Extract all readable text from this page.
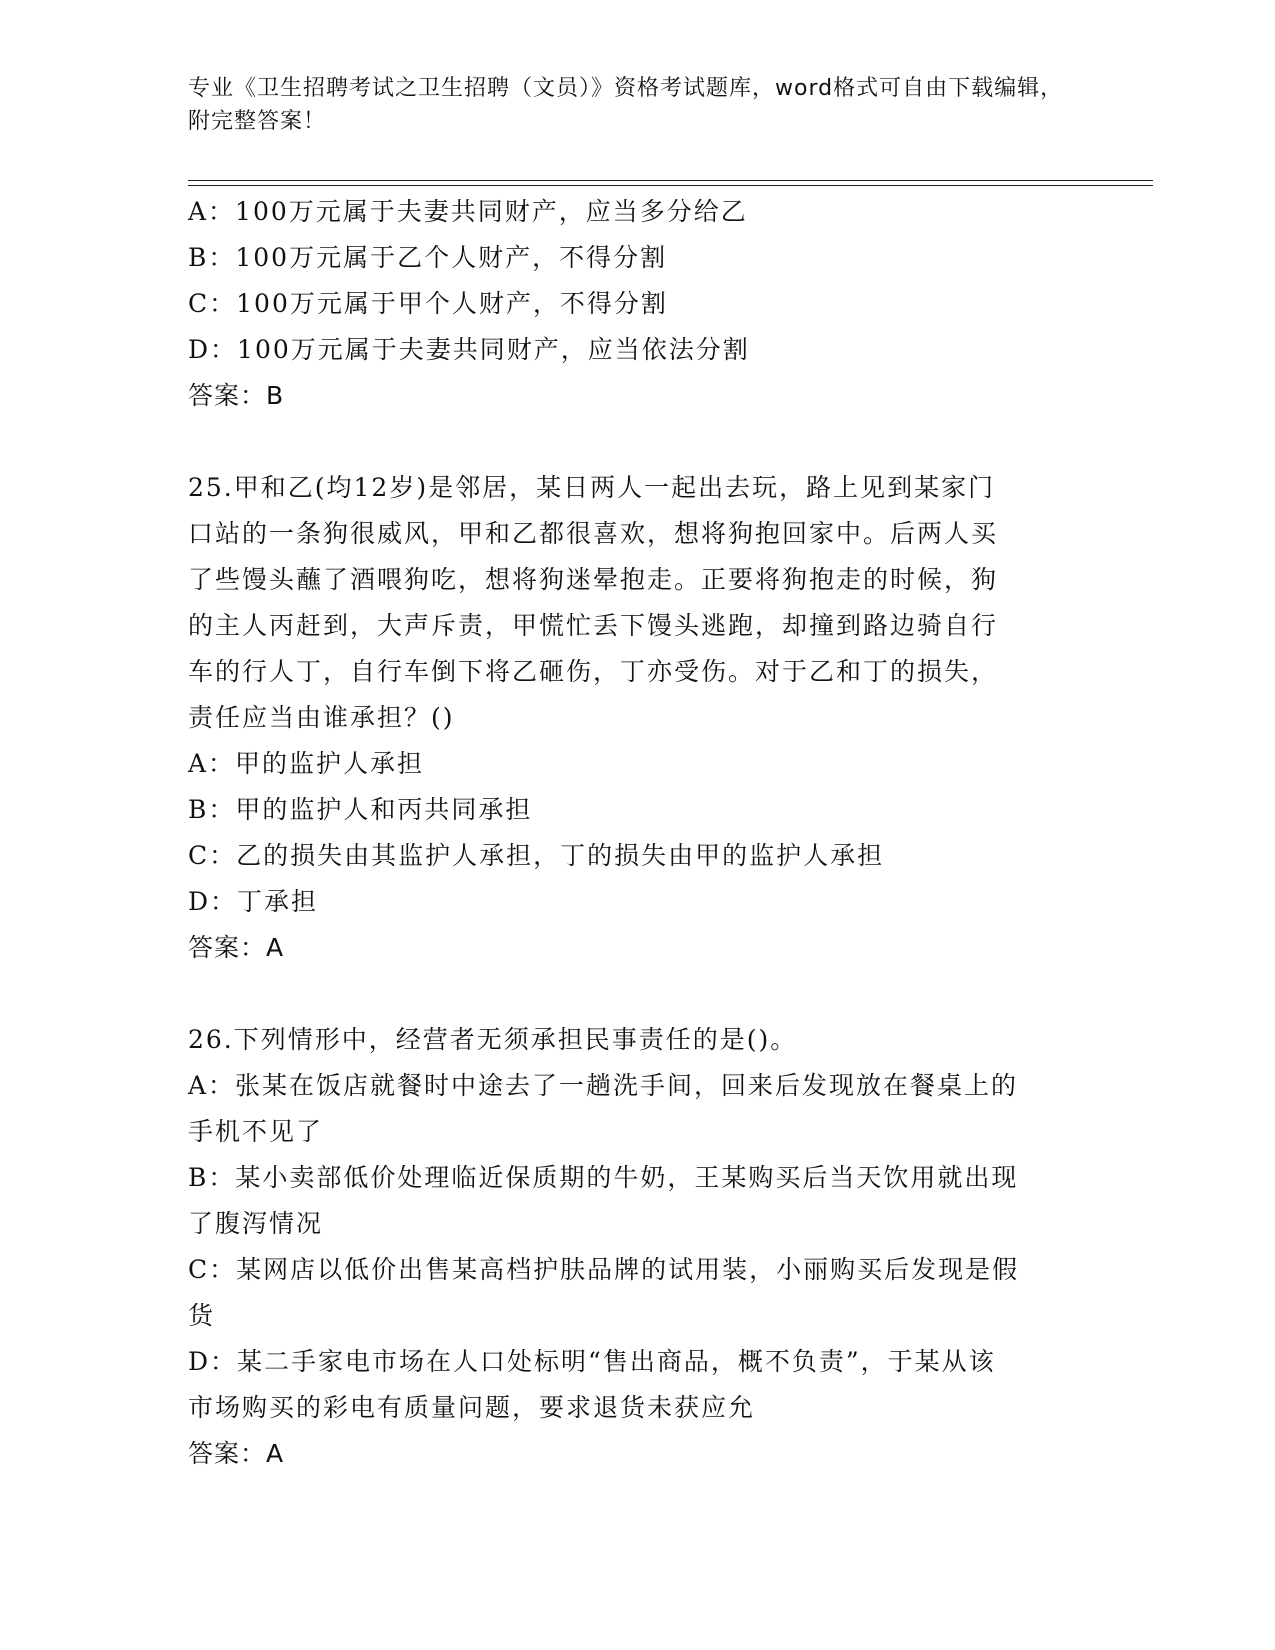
专业《卫生招聘考试之卫生招聘（文员）》资格考试题库，word格式可自由下载编辑，附完整答案！

A：100万元属于夫妻共同财产，应当多分给乙

B：100万元属于乙个人财产，不得分割

C：100万元属于甲个人财产，不得分割

D：100万元属于夫妻共同财产，应当依法分割

答案：B

25.甲和乙(均12岁)是邻居，某日两人一起出去玩，路上见到某家门

口站的一条狗很威风，甲和乙都很喜欢，想将狗抱回家中。后两人买

了些馒头蘸了酒喂狗吃，想将狗迷晕抱走。正要将狗抱走的时候，狗

的主人丙赶到，大声斥责，甲慌忙丢下馒头逃跑，却撞到路边骑自行

车的行人丁，自行车倒下将乙砸伤，丁亦受伤。对于乙和丁的损失，

责任应当由谁承担？()

A：甲的监护人承担

B：甲的监护人和丙共同承担

C：乙的损失由其监护人承担，丁的损失由甲的监护人承担

D：丁承担

答案：A

26.下列情形中，经营者无须承担民事责任的是()。

A：张某在饭店就餐时中途去了一趟洗手间，回来后发现放在餐桌上的

手机不见了

B：某小卖部低价处理临近保质期的牛奶，王某购买后当天饮用就出现

了腹泻情况

C：某网店以低价出售某高档护肤品牌的试用装，小丽购买后发现是假

货

D：某二手家电市场在人口处标明“售出商品，概不负责”，于某从该

市场购买的彩电有质量问题，要求退货未获应允

答案：A
